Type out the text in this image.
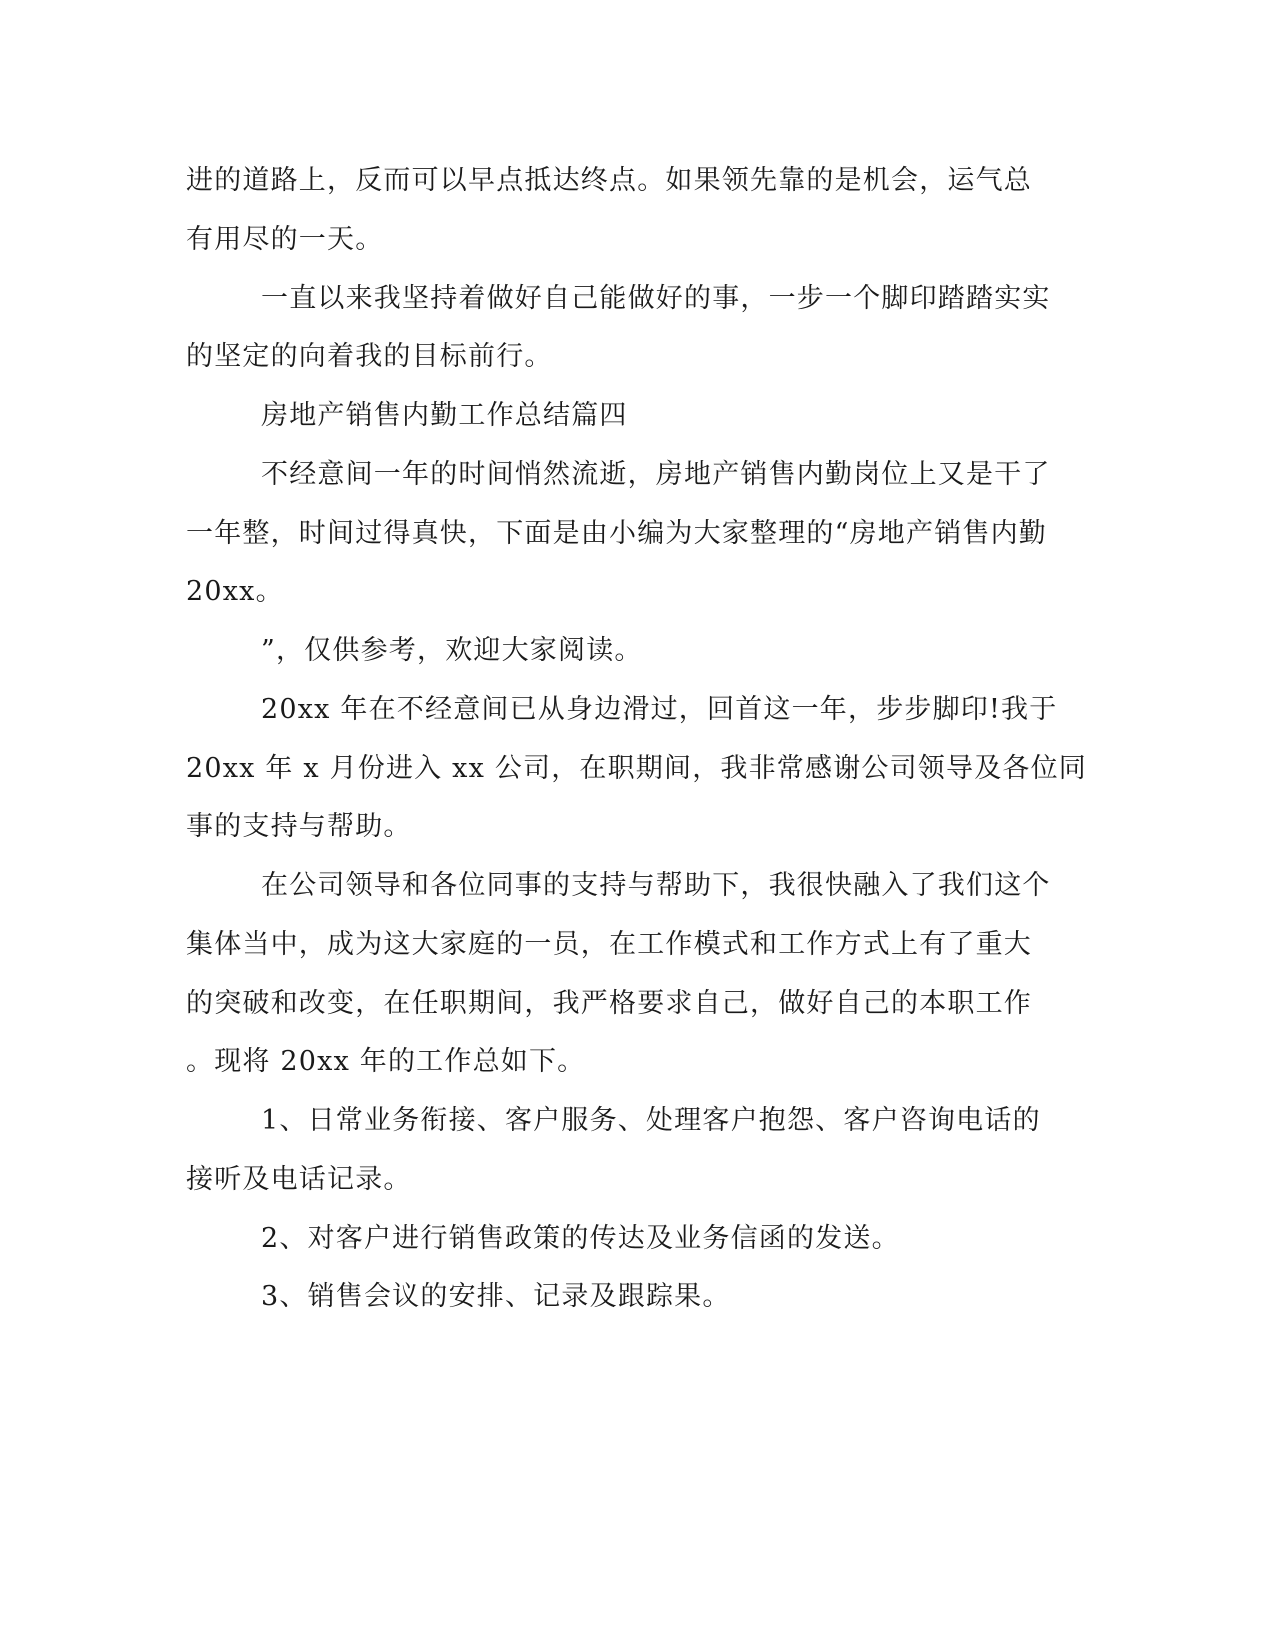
进的道路上，反而可以早点抵达终点。如果领先靠的是机会，运气总
有用尽的一天。
一直以来我坚持着做好自己能做好的事，一步一个脚印踏踏实实
的坚定的向着我的目标前行。
房地产销售内勤工作总结篇四
不经意间一年的时间悄然流逝，房地产销售内勤岗位上又是干了
一年整，时间过得真快，下面是由小编为大家整理的“房地产销售内勤
20xx。
”，仅供参考，欢迎大家阅读。
20xx 年在不经意间已从身边滑过，回首这一年，步步脚印!我于
20xx 年 x 月份进入 xx 公司，在职期间，我非常感谢公司领导及各位同
事的支持与帮助。
在公司领导和各位同事的支持与帮助下，我很快融入了我们这个
集体当中，成为这大家庭的一员，在工作模式和工作方式上有了重大
的突破和改变，在任职期间，我严格要求自己，做好自己的本职工作
。现将 20xx 年的工作总如下。
1、日常业务衔接、客户服务、处理客户抱怨、客户咨询电话的
接听及电话记录。
2、对客户进行销售政策的传达及业务信函的发送。
3、销售会议的安排、记录及跟踪果。
